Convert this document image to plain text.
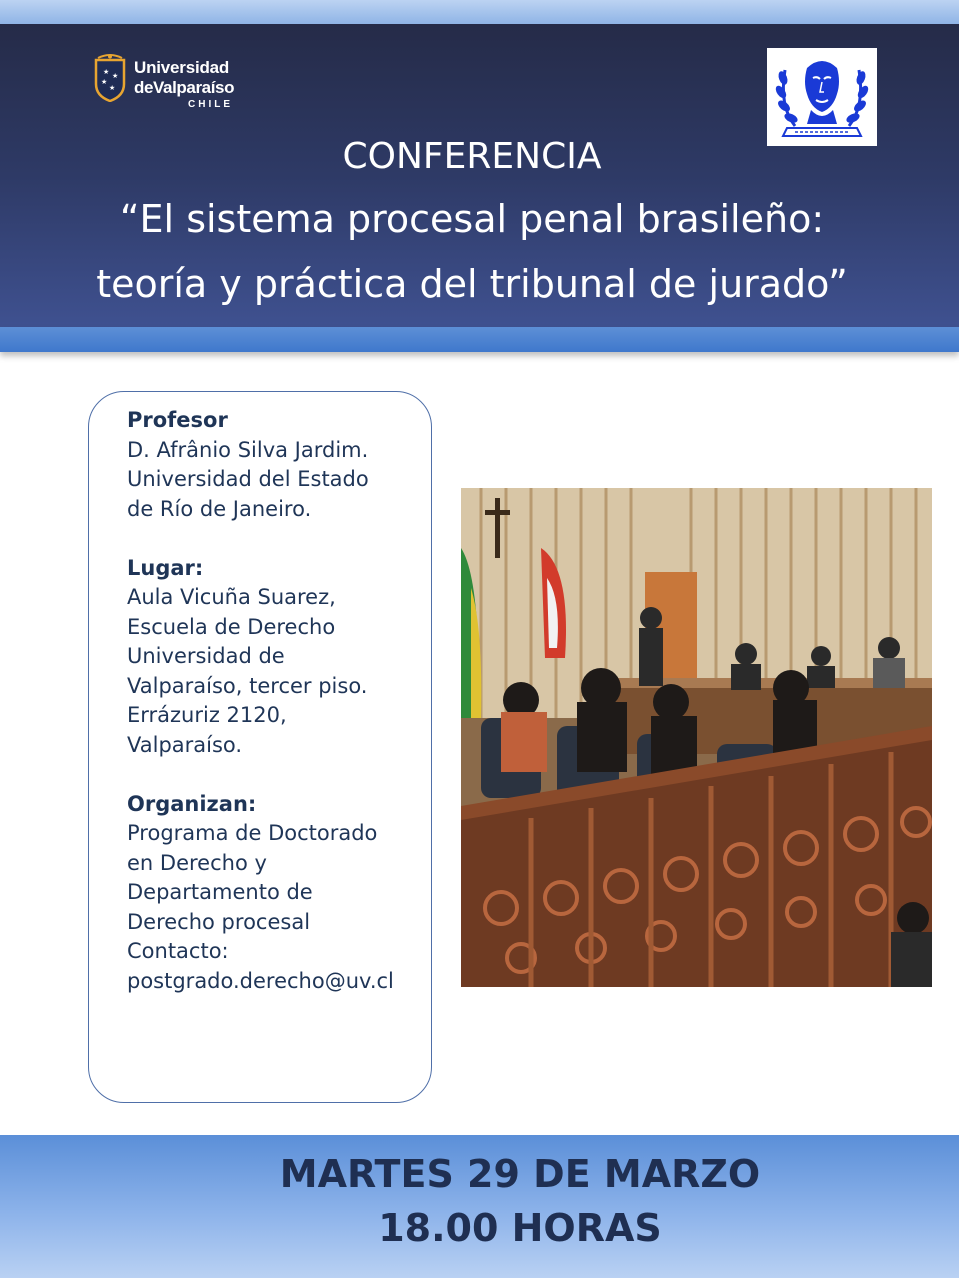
★ ★
★
★
Universidad
deValparaíso
CHILE
CONFERENCIA
“El sistema procesal penal brasileño:
teoría y práctica del tribunal de jurado”
Profesor
D. Afrânio Silva Jardim.
Universidad del Estado
de Río de Janeiro.
Lugar:
Aula Vicuña Suarez,
Escuela de Derecho
Universidad de
Valparaíso, tercer piso.
Errázuriz 2120,
Valparaíso.
Organizan:
Programa de Doctorado
en Derecho y
Departamento de
Derecho procesal
Contacto:
postgrado.derecho@uv.cl
MARTES 29 DE MARZO
18.00 HORAS
